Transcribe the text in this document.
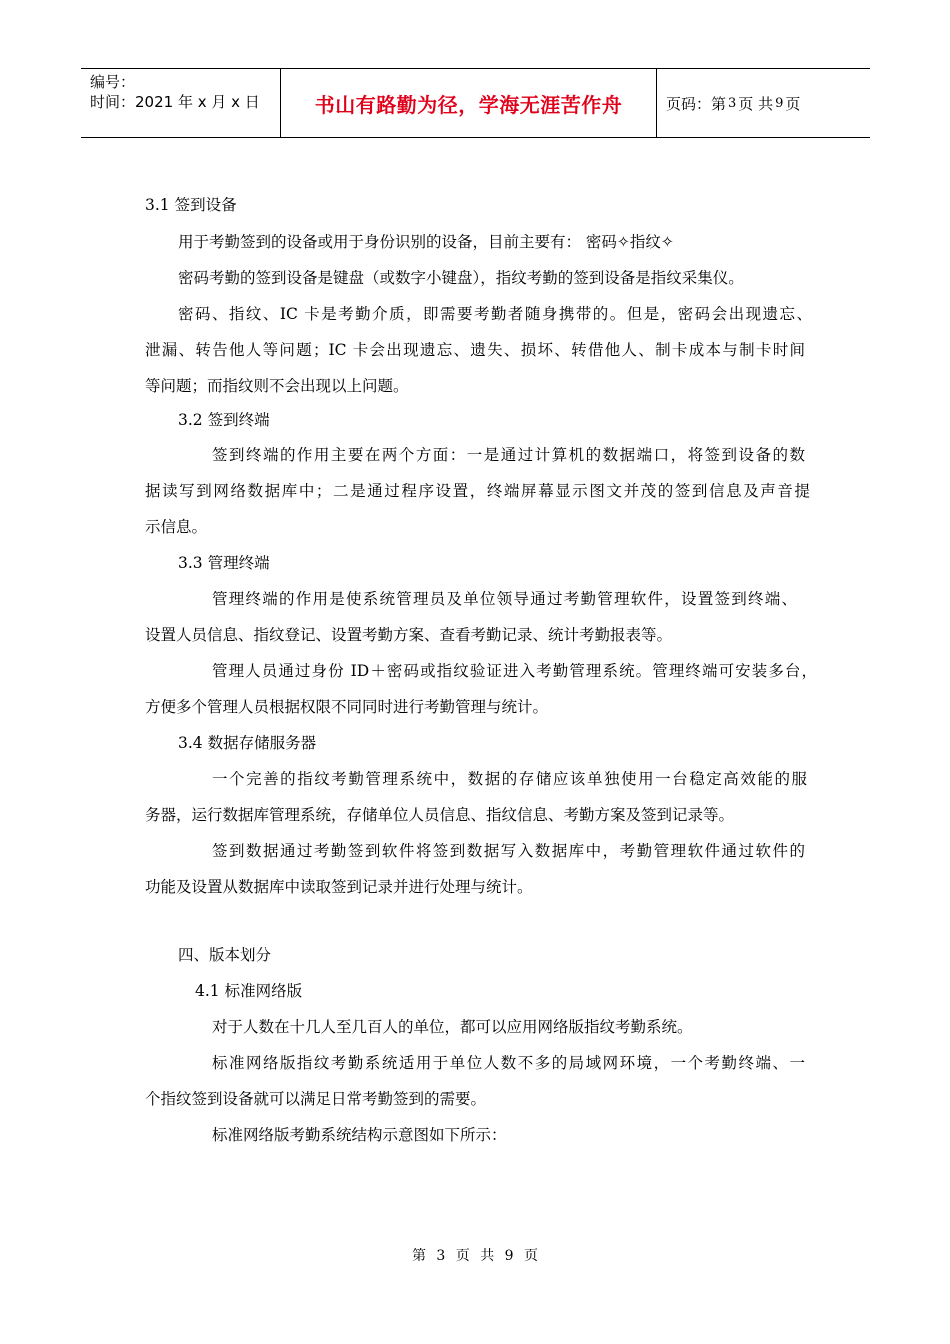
编号：
时间：2021 年 x 月 x 日	书山有路勤为径，学海无涯苦作舟	页码：第 3 页 共 9 页
3.1 签到设备
用于考勤签到的设备或用于身份识别的设备，目前主要有： 密码✧指纹✧
密码考勤的签到设备是键盘（或数字小键盘），指纹考勤的签到设备是指纹采集仪。
密码、指纹、IC 卡是考勤介质，即需要考勤者随身携带的。但是，密码会出现遗忘、
泄漏、转告他人等问题；IC 卡会出现遗忘、遗失、损坏、转借他人、制卡成本与制卡时间
等问题；而指纹则不会出现以上问题。
3.2 签到终端
签到终端的作用主要在两个方面：一是通过计算机的数据端口，将签到设备的数
据读写到网络数据库中；二是通过程序设置，终端屏幕显示图文并茂的签到信息及声音提
示信息。
3.3 管理终端
管理终端的作用是使系统管理员及单位领导通过考勤管理软件，设置签到终端、
设置人员信息、指纹登记、设置考勤方案、查看考勤记录、统计考勤报表等。
管理人员通过身份 ID＋密码或指纹验证进入考勤管理系统。管理终端可安装多台，
方便多个管理人员根据权限不同同时进行考勤管理与统计。
3.4 数据存储服务器
一个完善的指纹考勤管理系统中，数据的存储应该单独使用一台稳定高效能的服
务器，运行数据库管理系统，存储单位人员信息、指纹信息、考勤方案及签到记录等。
签到数据通过考勤签到软件将签到数据写入数据库中，考勤管理软件通过软件的
功能及设置从数据库中读取签到记录并进行处理与统计。
四、版本划分
4.1 标准网络版
对于人数在十几人至几百人的单位，都可以应用网络版指纹考勤系统。
标准网络版指纹考勤系统适用于单位人数不多的局域网环境，一个考勤终端、一
个指纹签到设备就可以满足日常考勤签到的需要。
标准网络版考勤系统结构示意图如下所示：
第 3 页 共 9 页
